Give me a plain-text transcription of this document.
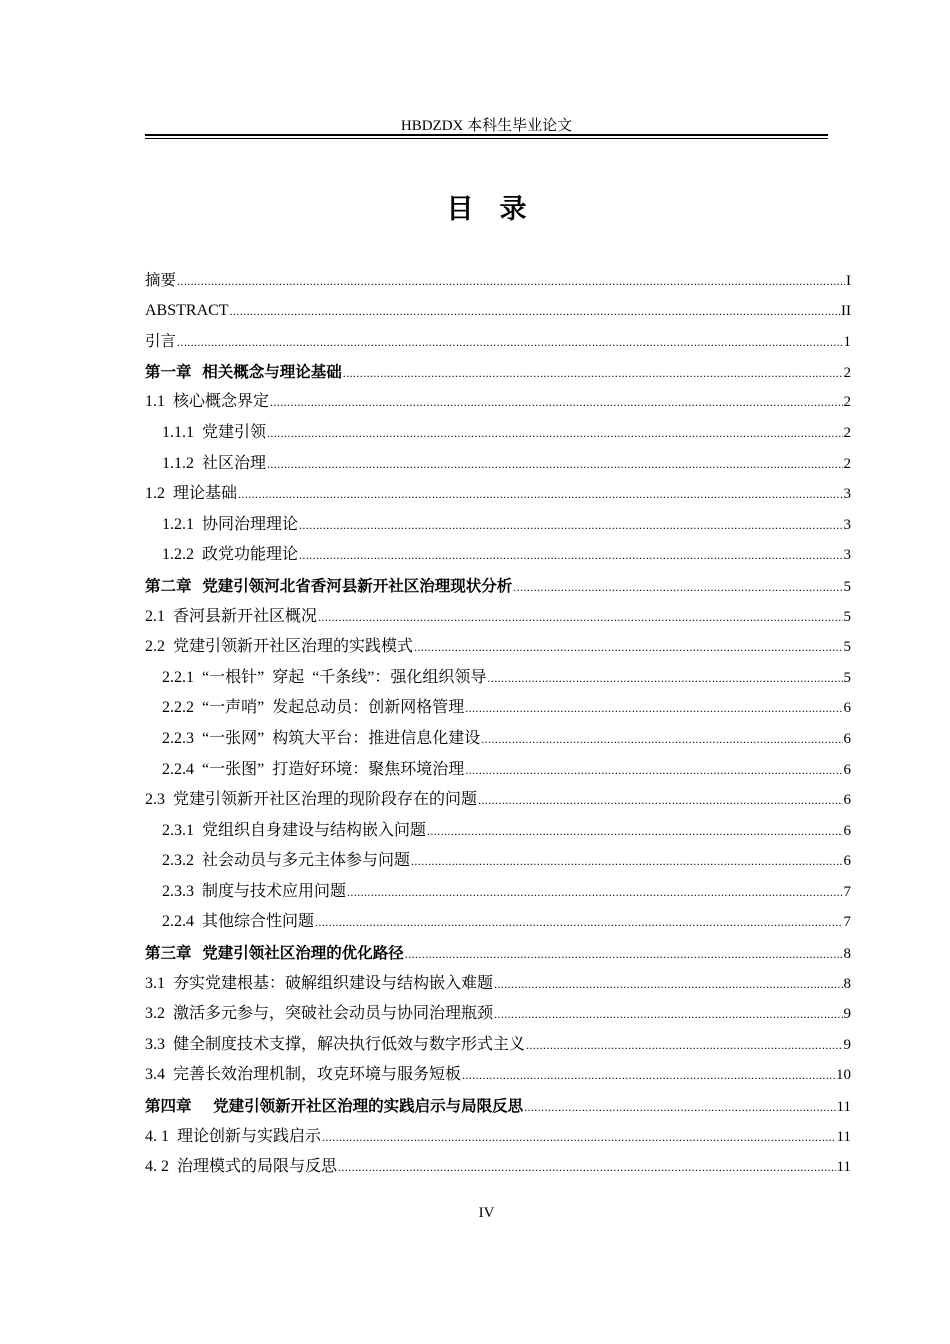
HBDZDX 本科生毕业论文
目录
摘要 .....	I
ABSTRACT .....	II
引言 .....	1
第一章  相关概念与理论基础 .....	2
1.1  核心概念界定 .....	2
1.1.1  党建引领 .....	2
1.1.2  社区治理 .....	2
1.2  理论基础 .....	3
1.2.1  协同治理理论 .....	3
1.2.2  政党功能理论 .....	3
第二章  党建引领河北省香河县新开社区治理现状分析 .....	5
2.1  香河县新开社区概况 .....	5
2.2  党建引领新开社区治理的实践模式 .....	5
2.2.1  “一根针”  穿起  “千条线”：强化组织领导 .....	5
2.2.2  “一声哨”  发起总动员：创新网格管理 .....	6
2.2.3  “一张网”  构筑大平台：推进信息化建设 .....	6
2.2.4  “一张图”  打造好环境：聚焦环境治理 .....	6
2.3  党建引领新开社区治理的现阶段存在的问题 .....	6
2.3.1  党组织自身建设与结构嵌入问题 .....	6
2.3.2  社会动员与多元主体参与问题 .....	6
2.3.3  制度与技术应用问题 .....	7
2.2.4  其他综合性问题 .....	7
第三章  党建引领社区治理的优化路径 .....	8
3.1  夯实党建根基：破解组织建设与结构嵌入难题 .....	8
3.2  激活多元参与，突破社会动员与协同治理瓶颈 .....	9
3.3  健全制度技术支撑，解决执行低效与数字形式主义 .....	9
3.4  完善长效治理机制，攻克环境与服务短板 .....	10
第四章    党建引领新开社区治理的实践启示与局限反思 .....	11
4. 1  理论创新与实践启示 .....	11
4. 2  治理模式的局限与反思 .....	11
IV
